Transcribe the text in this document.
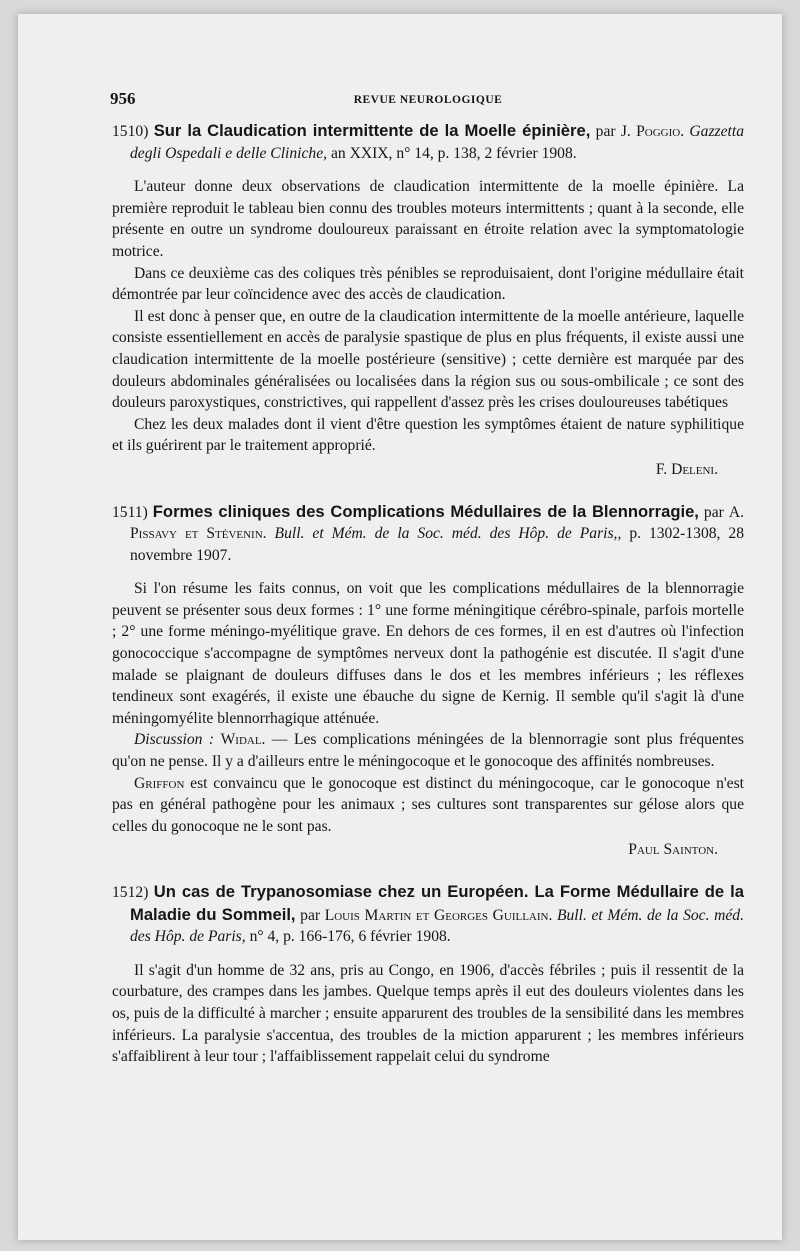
956	REVUE NEUROLOGIQUE

1510) Sur la Claudication intermittente de la Moelle épinière, par J. Poggio. Gazzetta degli Ospedali e delle Cliniche, an XXIX, n° 14, p. 138, 2 février 1908.

L'auteur donne deux observations de claudication intermittente de la moelle épinière. La première reproduit le tableau bien connu des troubles moteurs intermittents ; quant à la seconde, elle présente en outre un syndrome douloureux paraissant en étroite relation avec la symptomatologie motrice.

Dans ce deuxième cas des coliques très pénibles se reproduisaient, dont l'origine médullaire était démontrée par leur coïncidence avec des accès de claudication.

Il est donc à penser que, en outre de la claudication intermittente de la moelle antérieure, laquelle consiste essentiellement en accès de paralysie spastique de plus en plus fréquents, il existe aussi une claudication intermittente de la moelle postérieure (sensitive) ; cette dernière est marquée par des douleurs abdominales généralisées ou localisées dans la région sus ou sous-ombilicale ; ce sont des douleurs paroxystiques, constrictives, qui rappellent d'assez près les crises douloureuses tabétiques

Chez les deux malades dont il vient d'être question les symptômes étaient de nature syphilitique et ils guérirent par le traitement approprié.

F. Deleni.

1511) Formes cliniques des Complications Médullaires de la Blennorragie, par A. Pissavy et Stévenin. Bull. et Mém. de la Soc. méd. des Hôp. de Paris,, p. 1302-1308, 28 novembre 1907.

Si l'on résume les faits connus, on voit que les complications médullaires de la blennorragie peuvent se présenter sous deux formes : 1° une forme méningitique cérébro-spinale, parfois mortelle ; 2° une forme méningo-myélitique grave. En dehors de ces formes, il en est d'autres où l'infection gonococcique s'accompagne de symptômes nerveux dont la pathogénie est discutée. Il s'agit d'une malade se plaignant de douleurs diffuses dans le dos et les membres inférieurs ; les réflexes tendineux sont exagérés, il existe une ébauche du signe de Kernig. Il semble qu'il s'agit là d'une méningomyélite blennorrhagique atténuée.

Discussion : Widal. — Les complications méningées de la blennorragie sont plus fréquentes qu'on ne pense. Il y a d'ailleurs entre le méningocoque et le gonocoque des affinités nombreuses.

Griffon est convaincu que le gonocoque est distinct du méningocoque, car le gonocoque n'est pas en général pathogène pour les animaux ; ses cultures sont transparentes sur gélose alors que celles du gonocoque ne le sont pas.

Paul Sainton.

1512) Un cas de Trypanosomiase chez un Européen. La Forme Médullaire de la Maladie du Sommeil, par Louis Martin et Georges Guillain. Bull. et Mém. de la Soc. méd. des Hôp. de Paris, n° 4, p. 166-176, 6 février 1908.

Il s'agit d'un homme de 32 ans, pris au Congo, en 1906, d'accès fébriles ; puis il ressentit de la courbature, des crampes dans les jambes. Quelque temps après il eut des douleurs violentes dans les os, puis de la difficulté à marcher ; ensuite apparurent des troubles de la sensibilité dans les membres inférieurs. La paralysie s'accentua, des troubles de la miction apparurent ; les membres inférieurs s'affaiblirent à leur tour ; l'affaiblissement rappelait celui du syndrome
